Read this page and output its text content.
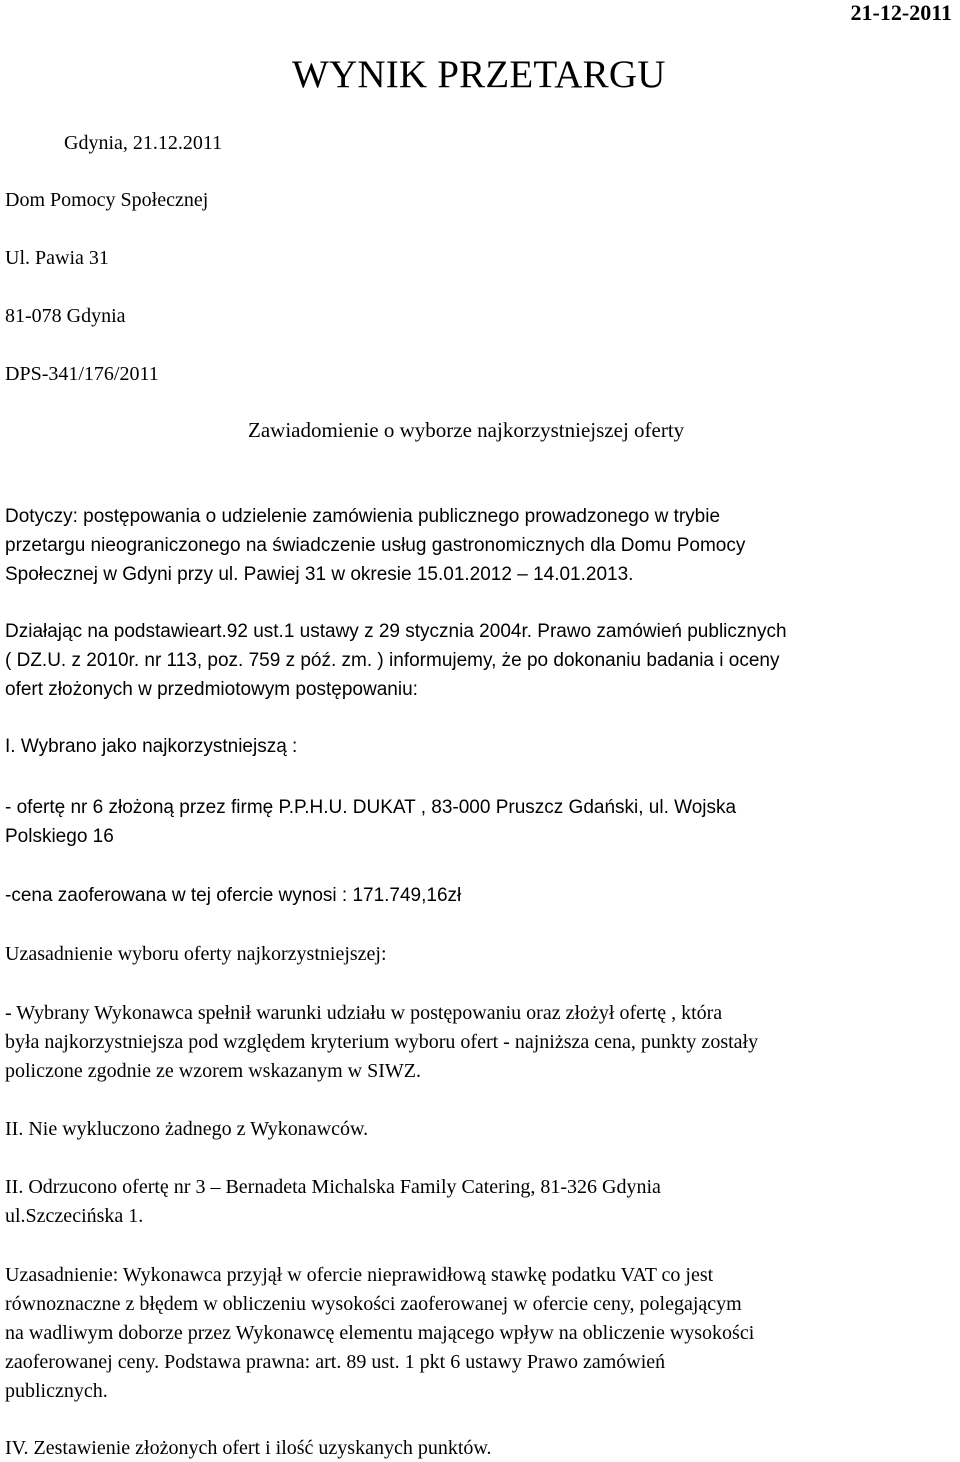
21-12-2011

WYNIK PRZETARGU

Gdynia, 21.12.2011

Dom Pomocy Społecznej

Ul. Pawia 31

81-078 Gdynia

DPS-341/176/2011

Zawiadomienie o wyborze najkorzystniejszej oferty

Dotyczy: postępowania o udzielenie zamówienia publicznego prowadzonego w trybie

przetargu nieograniczonego na świadczenie usług gastronomicznych dla Domu Pomocy

Społecznej w Gdyni przy ul. Pawiej 31 w okresie 15.01.2012 – 14.01.2013.

Działając na podstawieart.92 ust.1 ustawy z 29 stycznia 2004r. Prawo zamówień publicznych

( DZ.U. z 2010r. nr 113, poz. 759 z póź. zm. ) informujemy, że po dokonaniu badania i oceny

ofert złożonych w przedmiotowym postępowaniu:

I. Wybrano jako najkorzystniejszą :

- ofertę nr 6 złożoną przez firmę P.P.H.U. DUKAT , 83-000 Pruszcz Gdański, ul. Wojska

Polskiego 16

-cena zaoferowana w tej ofercie wynosi : 171.749,16zł

Uzasadnienie wyboru oferty najkorzystniejszej:

- Wybrany Wykonawca spełnił warunki udziału w postępowaniu oraz złożył ofertę , która

była najkorzystniejsza pod względem kryterium wyboru ofert - najniższa cena, punkty zostały

policzone zgodnie ze wzorem wskazanym w SIWZ.

II. Nie wykluczono żadnego z Wykonawców.

II. Odrzucono ofertę nr 3 – Bernadeta Michalska Family Catering, 81-326 Gdynia

ul.Szczecińska 1.

Uzasadnienie: Wykonawca przyjął w ofercie nieprawidłową stawkę podatku VAT co jest

równoznaczne z błędem w obliczeniu wysokości zaoferowanej w ofercie ceny, polegającym

na wadliwym doborze przez Wykonawcę elementu mającego wpływ na obliczenie wysokości

zaoferowanej ceny. Podstawa prawna: art. 89 ust. 1 pkt 6 ustawy Prawo zamówień

publicznych.

IV. Zestawienie złożonych ofert i ilość uzyskanych punktów.
